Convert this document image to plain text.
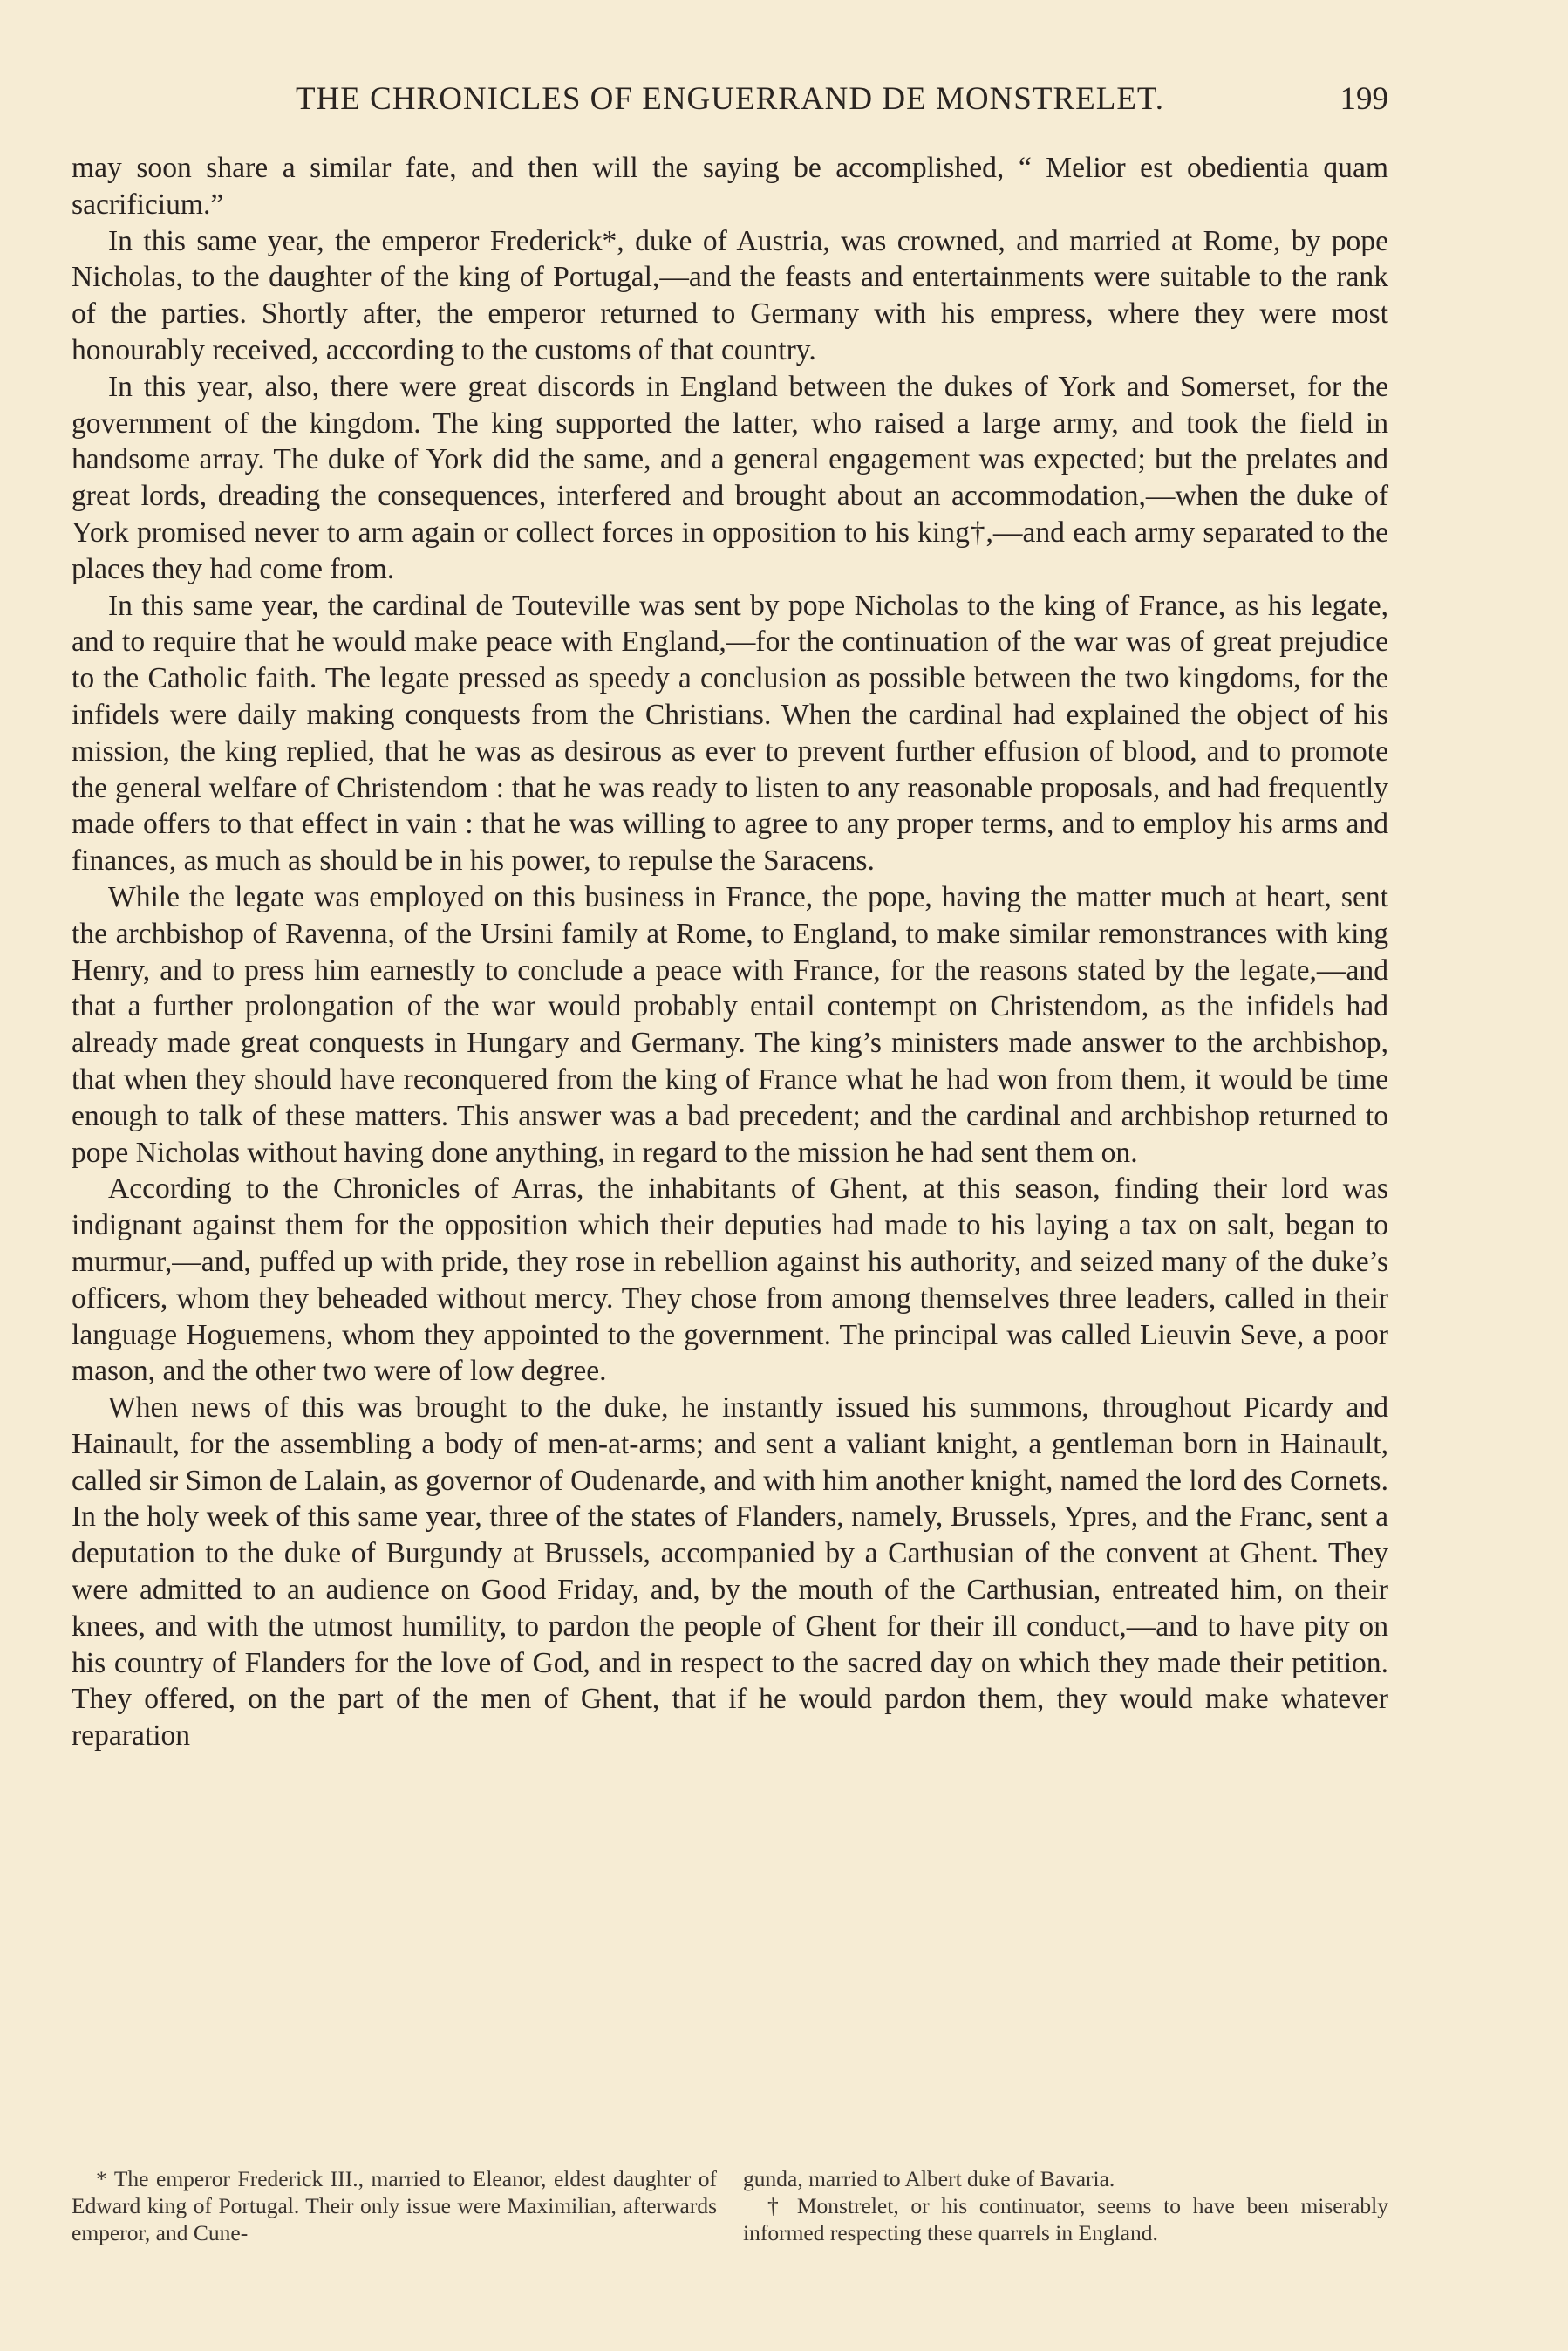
THE CHRONICLES OF ENGUERRAND DE MONSTRELET.	199

may soon share a similar fate, and then will the saying be accomplished, “ Melior est obedientia quam sacrificium.”

In this same year, the emperor Frederick*, duke of Austria, was crowned, and married at Rome, by pope Nicholas, to the daughter of the king of Portugal,—and the feasts and entertainments were suitable to the rank of the parties. Shortly after, the emperor returned to Germany with his empress, where they were most honourably received, acccording to the customs of that country.

In this year, also, there were great discords in England between the dukes of York and Somerset, for the government of the kingdom. The king supported the latter, who raised a large army, and took the field in handsome array. The duke of York did the same, and a general engagement was expected; but the prelates and great lords, dreading the consequences, interfered and brought about an accommodation,—when the duke of York promised never to arm again or collect forces in opposition to his king†,—and each army separated to the places they had come from.

In this same year, the cardinal de Touteville was sent by pope Nicholas to the king of France, as his legate, and to require that he would make peace with England,—for the continuation of the war was of great prejudice to the Catholic faith. The legate pressed as speedy a conclusion as possible between the two kingdoms, for the infidels were daily making conquests from the Christians. When the cardinal had explained the object of his mission, the king replied, that he was as desirous as ever to prevent further effusion of blood, and to promote the general welfare of Christendom : that he was ready to listen to any reasonable proposals, and had frequently made offers to that effect in vain : that he was willing to agree to any proper terms, and to employ his arms and finances, as much as should be in his power, to repulse the Saracens.

While the legate was employed on this business in France, the pope, having the matter much at heart, sent the archbishop of Ravenna, of the Ursini family at Rome, to England, to make similar remonstrances with king Henry, and to press him earnestly to conclude a peace with France, for the reasons stated by the legate,—and that a further prolongation of the war would probably entail contempt on Christendom, as the infidels had already made great conquests in Hungary and Germany. The king’s ministers made answer to the archbishop, that when they should have reconquered from the king of France what he had won from them, it would be time enough to talk of these matters. This answer was a bad precedent; and the cardinal and archbishop returned to pope Nicholas without having done anything, in regard to the mission he had sent them on.

According to the Chronicles of Arras, the inhabitants of Ghent, at this season, finding their lord was indignant against them for the opposition which their deputies had made to his laying a tax on salt, began to murmur,—and, puffed up with pride, they rose in rebellion against his authority, and seized many of the duke’s officers, whom they beheaded without mercy. They chose from among themselves three leaders, called in their language Hoguemens, whom they appointed to the government. The principal was called Lieuvin Seve, a poor mason, and the other two were of low degree.

When news of this was brought to the duke, he instantly issued his summons, throughout Picardy and Hainault, for the assembling a body of men-at-arms; and sent a valiant knight, a gentleman born in Hainault, called sir Simon de Lalain, as governor of Oudenarde, and with him another knight, named the lord des Cornets. In the holy week of this same year, three of the states of Flanders, namely, Brussels, Ypres, and the Franc, sent a deputation to the duke of Burgundy at Brussels, accompanied by a Carthusian of the convent at Ghent. They were admitted to an audience on Good Friday, and, by the mouth of the Carthusian, entreated him, on their knees, and with the utmost humility, to pardon the people of Ghent for their ill conduct,—and to have pity on his country of Flanders for the love of God, and in respect to the sacred day on which they made their petition. They offered, on the part of the men of Ghent, that if he would pardon them, they would make whatever reparation

* The emperor Frederick III., married to Eleanor, eldest daughter of Edward king of Portugal. Their only issue were Maximilian, afterwards emperor, and Cune-

gunda, married to Albert duke of Bavaria.

† Monstrelet, or his continuator, seems to have been miserably informed respecting these quarrels in England.
